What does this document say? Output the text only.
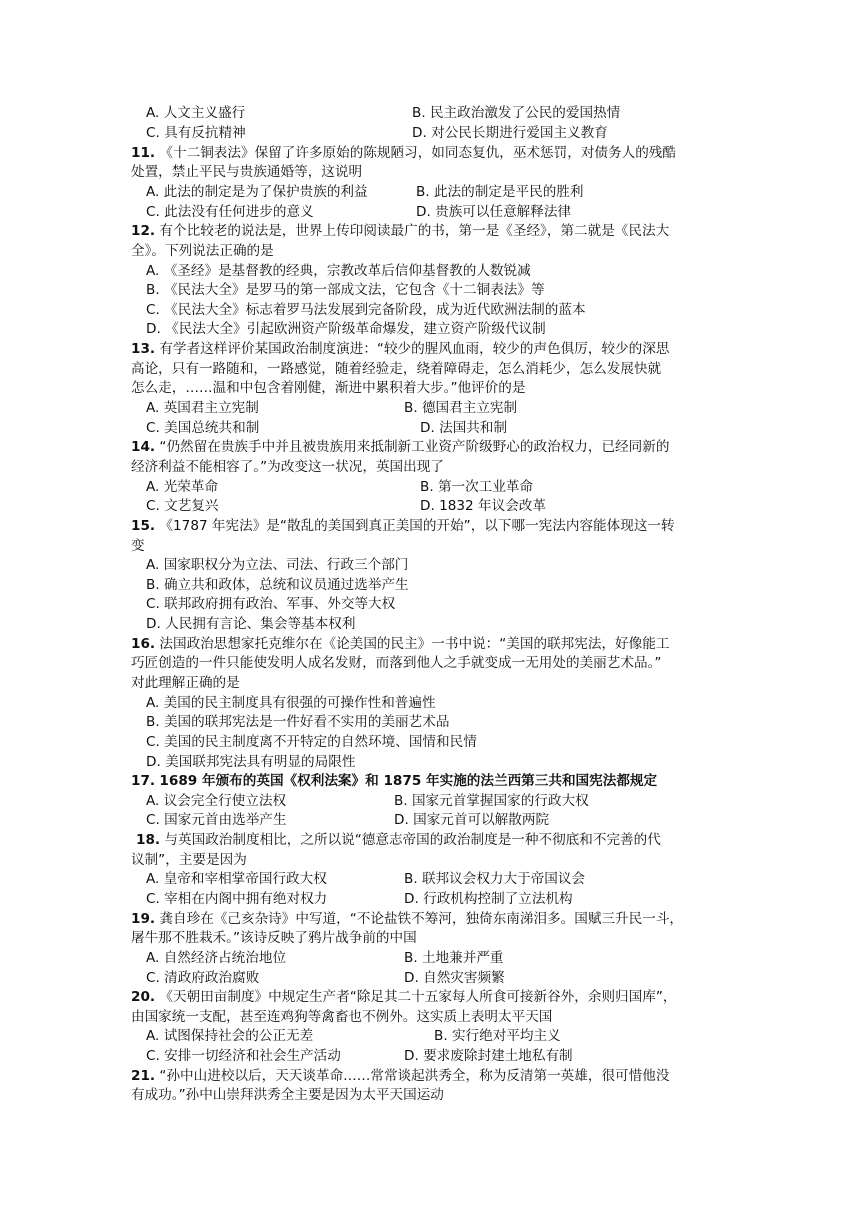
A. 人文主义盛行	B. 民主政治激发了公民的爱国热情
C. 具有反抗精神	D. 对公民长期进行爱国主义教育
11. 《十二铜表法》保留了许多原始的陈规陋习，如同态复仇，巫术惩罚，对债务人的残酷
处置，禁止平民与贵族通婚等，这说明
A. 此法的制定是为了保护贵族的利益	B. 此法的制定是平民的胜利
C. 此法没有任何进步的意义	D. 贵族可以任意解释法律
12. 有个比较老的说法是，世界上传印阅读最广的书，第一是《圣经》，第二就是《民法大
全》。下列说法正确的是
A. 《圣经》是基督教的经典，宗教改革后信仰基督教的人数锐减
B. 《民法大全》是罗马的第一部成文法，它包含《十二铜表法》等
C. 《民法大全》标志着罗马法发展到完备阶段，成为近代欧洲法制的蓝本
D. 《民法大全》引起欧洲资产阶级革命爆发，建立资产阶级代议制
13. 有学者这样评价某国政治制度演进：“较少的腥风血雨，较少的声色俱厉，较少的深思
高论，只有一路随和，一路感觉，随着经验走，绕着障碍走，怎么消耗少，怎么发展快就
怎么走，……温和中包含着刚健，渐进中累积着大步。”他评价的是
A. 英国君主立宪制	B. 德国君主立宪制
C. 美国总统共和制	D. 法国共和制
14. “仍然留在贵族手中并且被贵族用来抵制新工业资产阶级野心的政治权力，已经同新的
经济利益不能相容了。”为改变这一状况，英国出现了
A. 光荣革命	B. 第一次工业革命
C. 文艺复兴	D. 1832 年议会改革
15. 《1787 年宪法》是“散乱的美国到真正美国的开始”，以下哪一宪法内容能体现这一转
变
A. 国家职权分为立法、司法、行政三个部门
B. 确立共和政体，总统和议员通过选举产生
C. 联邦政府拥有政治、军事、外交等大权
D. 人民拥有言论、集会等基本权利
16. 法国政治思想家托克维尔在《论美国的民主》一书中说：“美国的联邦宪法，好像能工
巧匠创造的一件只能使发明人成名发财，而落到他人之手就变成一无用处的美丽艺术品。”
对此理解正确的是
A. 美国的民主制度具有很强的可操作性和普遍性
B. 美国的联邦宪法是一件好看不实用的美丽艺术品
C. 美国的民主制度离不开特定的自然环境、国情和民情
D. 美国联邦宪法具有明显的局限性
17. 1689 年颁布的英国《权利法案》和 1875 年实施的法兰西第三共和国宪法都规定
A. 议会完全行使立法权	B. 国家元首掌握国家的行政大权
C. 国家元首由选举产生	D. 国家元首可以解散两院
18. 与英国政治制度相比，之所以说“德意志帝国的政治制度是一种不彻底和不完善的代
议制”，主要是因为
A. 皇帝和宰相掌帝国行政大权	B. 联邦议会权力大于帝国议会
C. 宰相在内阁中拥有绝对权力	D. 行政机构控制了立法机构
19. 龚自珍在《己亥杂诗》中写道，“不论盐铁不筹河，独倚东南涕泪多。国赋三升民一斗，
屠牛那不胜栽禾。”该诗反映了鸦片战争前的中国
A. 自然经济占统治地位	B. 土地兼并严重
C. 清政府政治腐败	D. 自然灾害频繁
20. 《天朝田亩制度》中规定生产者“除足其二十五家每人所食可接新谷外，余则归国库”，
由国家统一支配，甚至连鸡狗等禽畜也不例外。这实质上表明太平天国
A. 试图保持社会的公正无差	B. 实行绝对平均主义
C. 安排一切经济和社会生产活动	D. 要求废除封建土地私有制
21. “孙中山进校以后，天天谈革命……常常谈起洪秀全，称为反清第一英雄，很可惜他没
有成功。”孙中山崇拜洪秀全主要是因为太平天国运动
